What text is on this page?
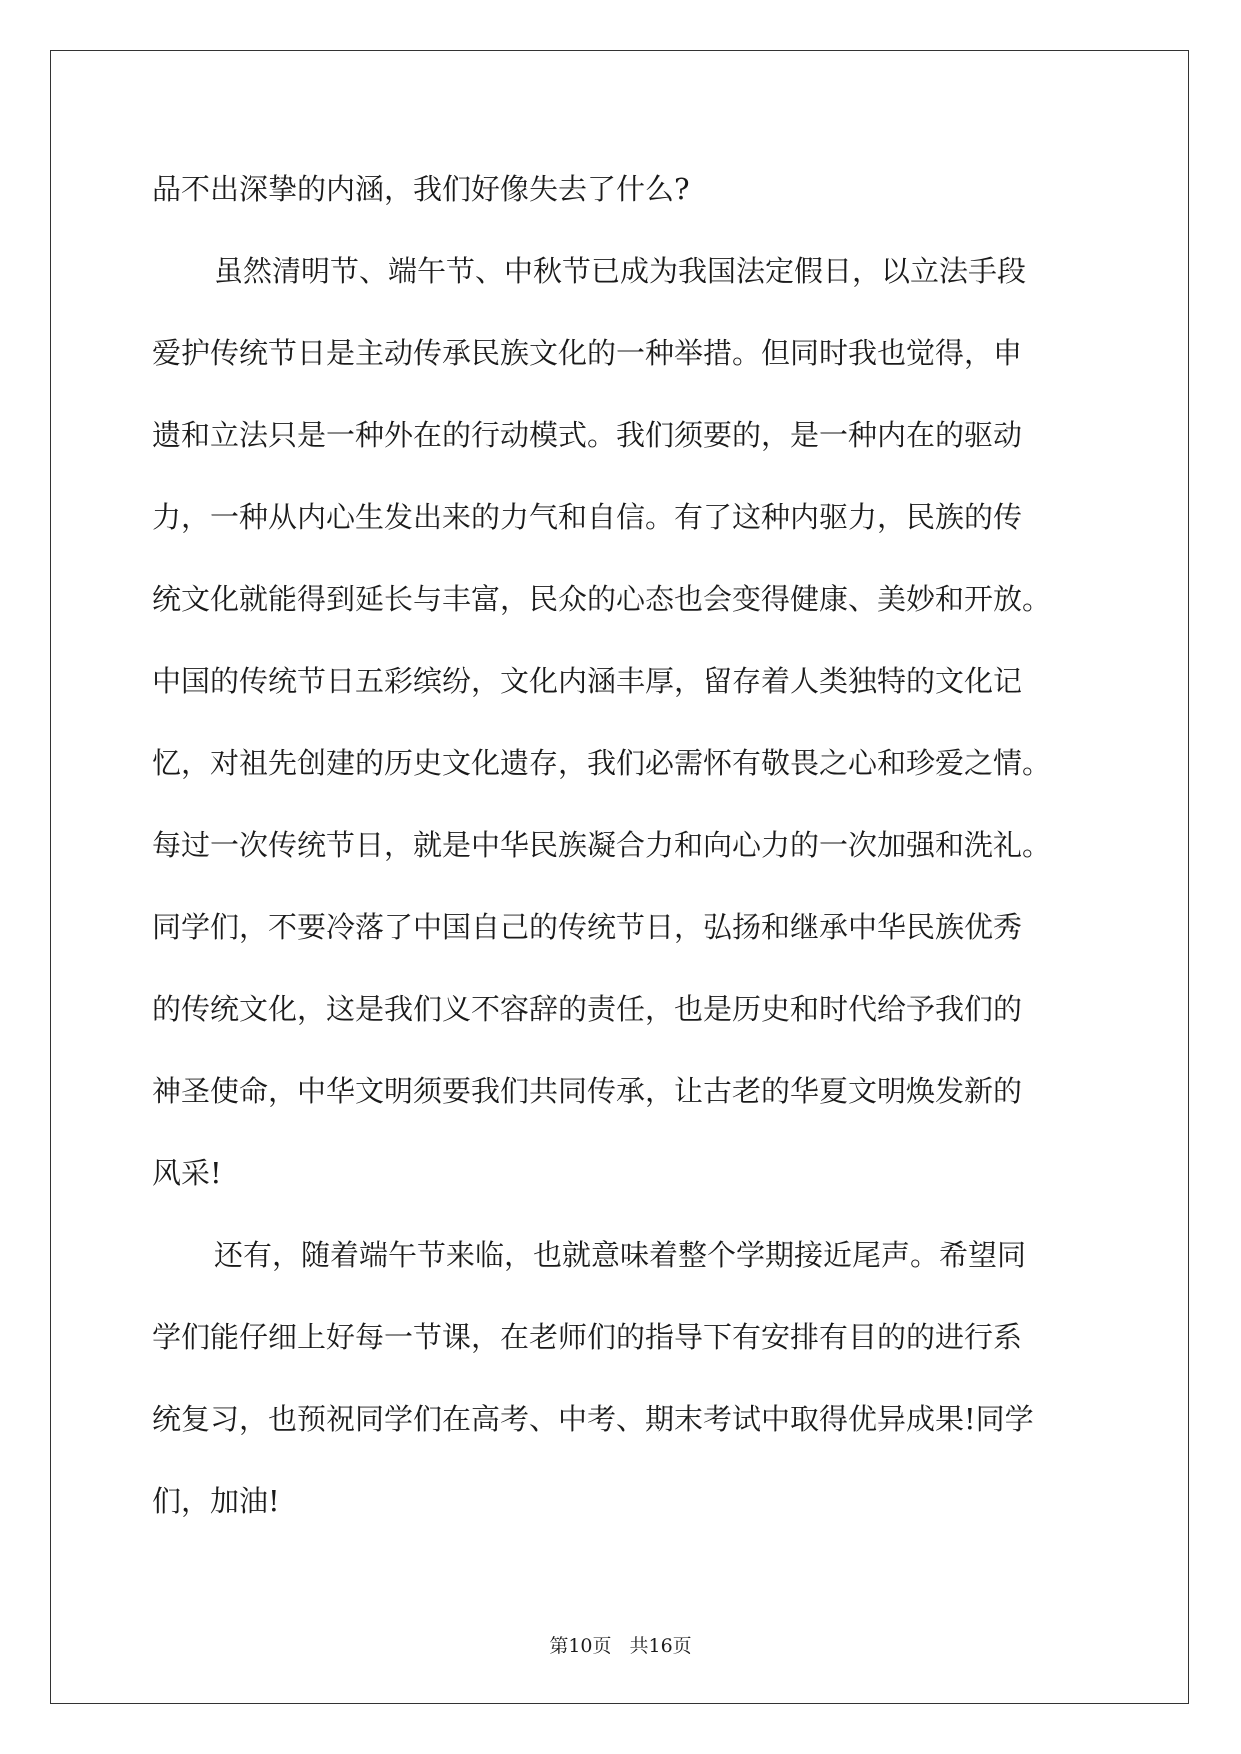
品不出深挚的内涵，我们好像失去了什么?

虽然清明节、端午节、中秋节已成为我国法定假日，以立法手段

爱护传统节日是主动传承民族文化的一种举措。但同时我也觉得，申

遗和立法只是一种外在的行动模式。我们须要的，是一种内在的驱动

力，一种从内心生发出来的力气和自信。有了这种内驱力，民族的传

统文化就能得到延长与丰富，民众的心态也会变得健康、美妙和开放。

中国的传统节日五彩缤纷，文化内涵丰厚，留存着人类独特的文化记

忆，对祖先创建的历史文化遗存，我们必需怀有敬畏之心和珍爱之情。

每过一次传统节日，就是中华民族凝合力和向心力的一次加强和洗礼。

同学们，不要冷落了中国自己的传统节日，弘扬和继承中华民族优秀

的传统文化，这是我们义不容辞的责任，也是历史和时代给予我们的

神圣使命，中华文明须要我们共同传承，让古老的华夏文明焕发新的

风采!

还有，随着端午节来临，也就意味着整个学期接近尾声。希望同

学们能仔细上好每一节课，在老师们的指导下有安排有目的的进行系

统复习，也预祝同学们在高考、中考、期末考试中取得优异成果!同学

们，加油!

第10页 共16页
